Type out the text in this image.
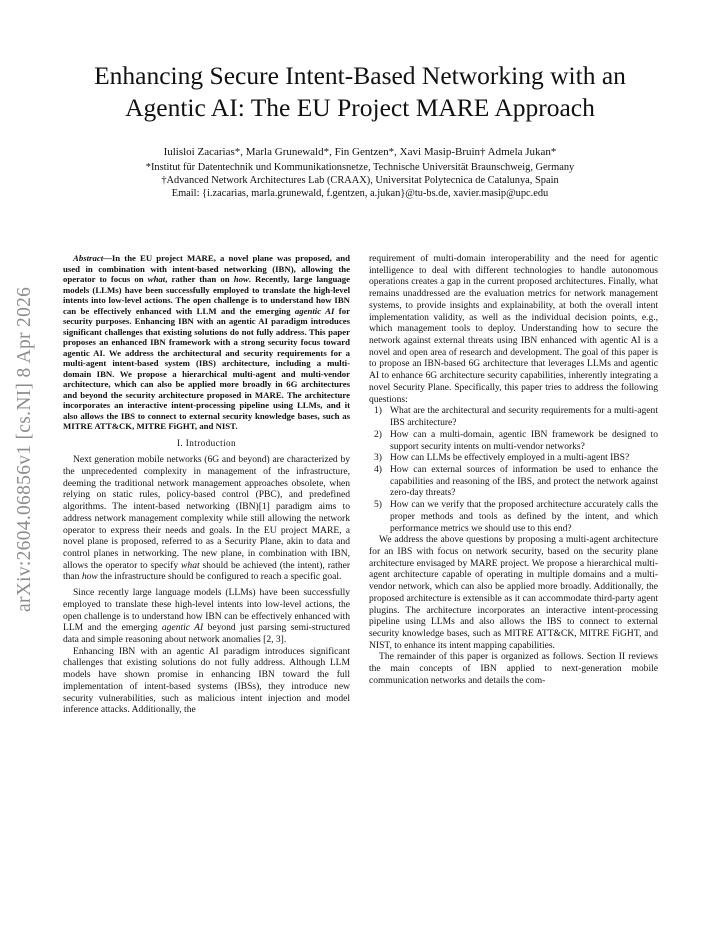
arXiv:2604.06856v1 [cs.NI] 8 Apr 2026
Enhancing Secure Intent-Based Networking with an
Agentic AI: The EU Project MARE Approach
Iulisloi Zacarias*, Marla Grunewald*, Fin Gentzen*, Xavi Masip-Bruin† Admela Jukan*
*Institut für Datentechnik und Kommunikationsnetze, Technische Universität Braunschweig, Germany
†Advanced Network Architectures Lab (CRAAX), Universitat Polytecnica de Catalunya, Spain
Email: {i.zacarias, marla.grunewald, f.gentzen, a.jukan}@tu-bs.de, xavier.masip@upc.edu

Abstract—In the EU project MARE, a novel plane was proposed, and used in combination with intent-based networking (IBN), allowing the operator to focus on what, rather than on how. Recently, large language models (LLMs) have been successfully employed to translate the high-level intents into low-level actions. The open challenge is to understand how IBN can be effectively enhanced with LLM and the emerging agentic AI for security purposes. Enhancing IBN with an agentic AI paradigm introduces significant challenges that existing solutions do not fully address. This paper proposes an enhanced IBN framework with a strong security focus toward agentic AI. We address the architectural and security requirements for a multi-agent intent-based system (IBS) architecture, including a multi-domain IBN. We propose a hierarchical multi-agent and multi-vendor architecture, which can also be applied more broadly in 6G architectures and beyond the security architecture proposed in MARE. The architecture incorporates an interactive intent-processing pipeline using LLMs, and it also allows the IBS to connect to external security knowledge bases, such as MITRE ATT&CK, MITRE FiGHT, and NIST.

I. Introduction

Next generation mobile networks (6G and beyond) are characterized by the unprecedented complexity in management of the infrastructure, deeming the traditional network management approaches obsolete, when relying on static rules, policy-based control (PBC), and predefined algorithms. The intent-based networking (IBN)[1] paradigm aims to address network management complexity while still allowing the network operator to express their needs and goals. In the EU project MARE, a novel plane is proposed, referred to as a Security Plane, akin to data and control planes in networking. The new plane, in combination with IBN, allows the operator to specify what should be achieved (the intent), rather than how the infrastructure should be configured to reach a specific goal.

Since recently large language models (LLMs) have been successfully employed to translate these high-level intents into low-level actions, the open challenge is to understand how IBN can be effectively enhanced with LLM and the emerging agentic AI beyond just parsing semi-structured data and simple reasoning about network anomalies [2, 3].

Enhancing IBN with an agentic AI paradigm introduces significant challenges that existing solutions do not fully address. Although LLM models have shown promise in enhancing IBN toward the full implementation of intent-based systems (IBSs), they introduce new security vulnerabilities, such as malicious intent injection and model inference attacks. Additionally, the

requirement of multi-domain interoperability and the need for agentic intelligence to deal with different technologies to handle autonomous operations creates a gap in the current proposed architectures. Finally, what remains unaddressed are the evaluation metrics for network management systems, to provide insights and explainability, at both the overall intent implementation validity, as well as the individual decision points, e.g., which management tools to deploy. Understanding how to secure the network against external threats using IBN enhanced with agentic AI is a novel and open area of research and development. The goal of this paper is to propose an IBN-based 6G architecture that leverages LLMs and agentic AI to enhance 6G architecture security capabilities, inherently integrating a novel Security Plane. Specifically, this paper tries to address the following questions:

1) What are the architectural and security requirements for a multi-agent IBS architecture?
2) How can a multi-domain, agentic IBN framework be designed to support security intents on multi-vendor networks?
3) How can LLMs be effectively employed in a multi-agent IBS?
4) How can external sources of information be used to enhance the capabilities and reasoning of the IBS, and protect the network against zero-day threats?
5) How can we verify that the proposed architecture accurately calls the proper methods and tools as defined by the intent, and which performance metrics we should use to this end?

We address the above questions by proposing a multi-agent architecture for an IBS with focus on network security, based on the security plane architecture envisaged by MARE project. We propose a hierarchical multi-agent architecture capable of operating in multiple domains and a multi-vendor network, which can also be applied more broadly. Additionally, the proposed architecture is extensible as it can accommodate third-party agent plugins. The architecture incorporates an interactive intent-processing pipeline using LLMs and also allows the IBS to connect to external security knowledge bases, such as MITRE ATT&CK, MITRE FiGHT, and NIST, to enhance its intent mapping capabilities.

The remainder of this paper is organized as follows. Section II reviews the main concepts of IBN applied to next-generation mobile communication networks and details the com-
